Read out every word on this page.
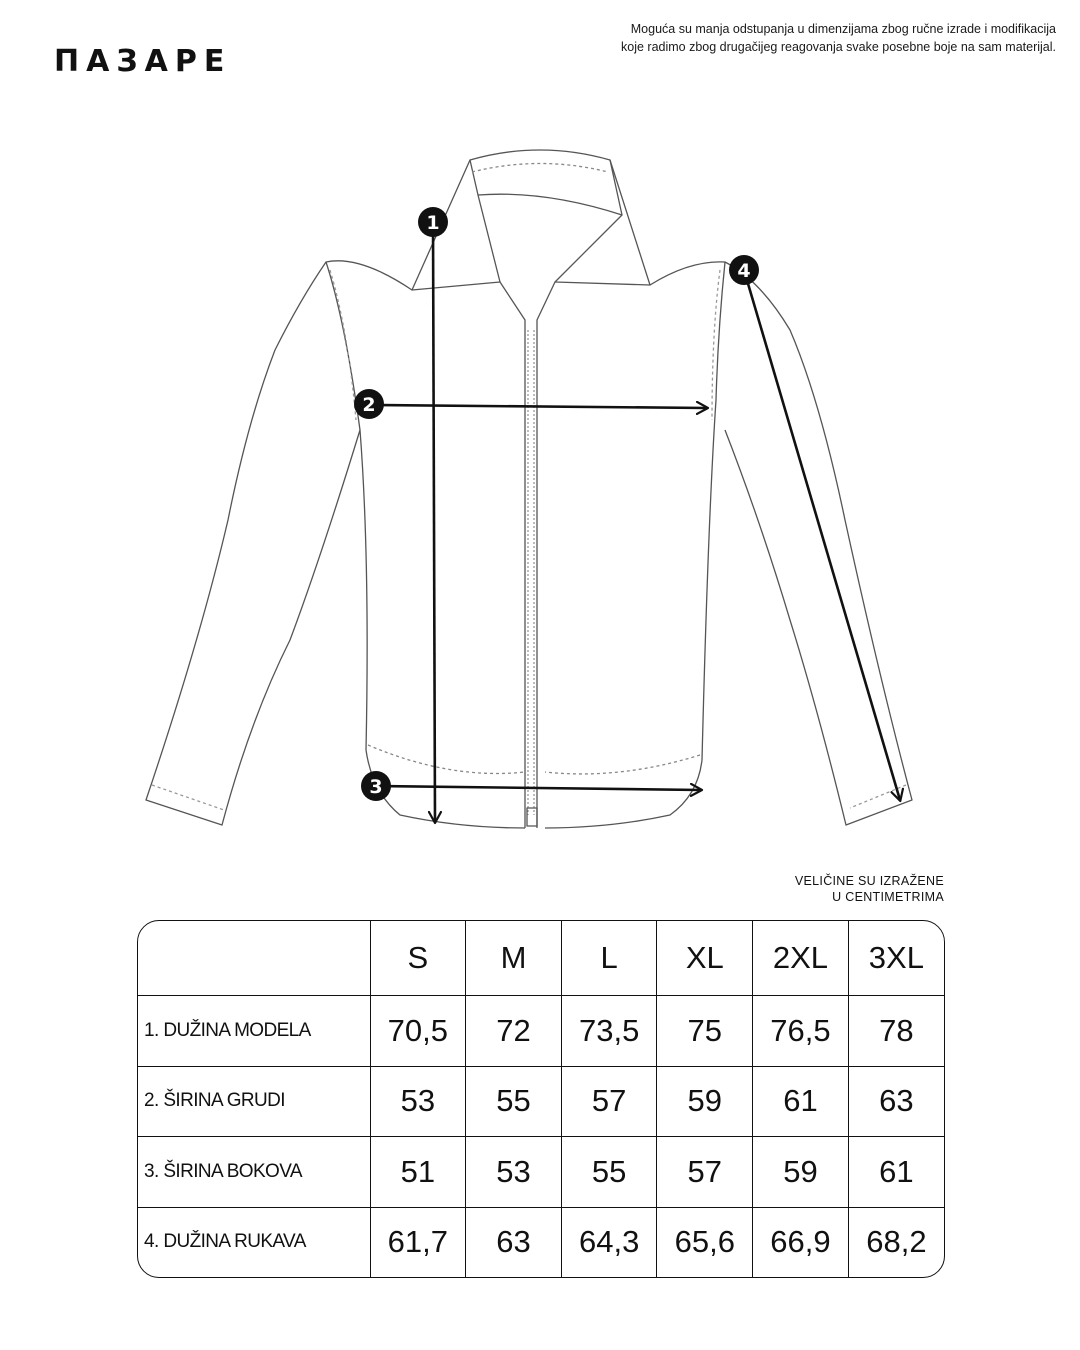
ΠΑЗАРЕ
Moguća su manja odstupanja u dimenzijama zbog ručne izrade i modifikacija
koje radimo zbog drugačijeg reagovanja svake posebne boje na sam materijal.
1
2
3
4
VELIČINE SU IZRAŽENE
U CENTIMETRIMA
	S	M	L	XL	2XL	3XL
1. DUŽINA MODELA	70,5	72	73,5	75	76,5	78
2. ŠIRINA GRUDI	53	55	57	59	61	63
3. ŠIRINA BOKOVA	51	53	55	57	59	61
4. DUŽINA RUKAVA	61,7	63	64,3	65,6	66,9	68,2
